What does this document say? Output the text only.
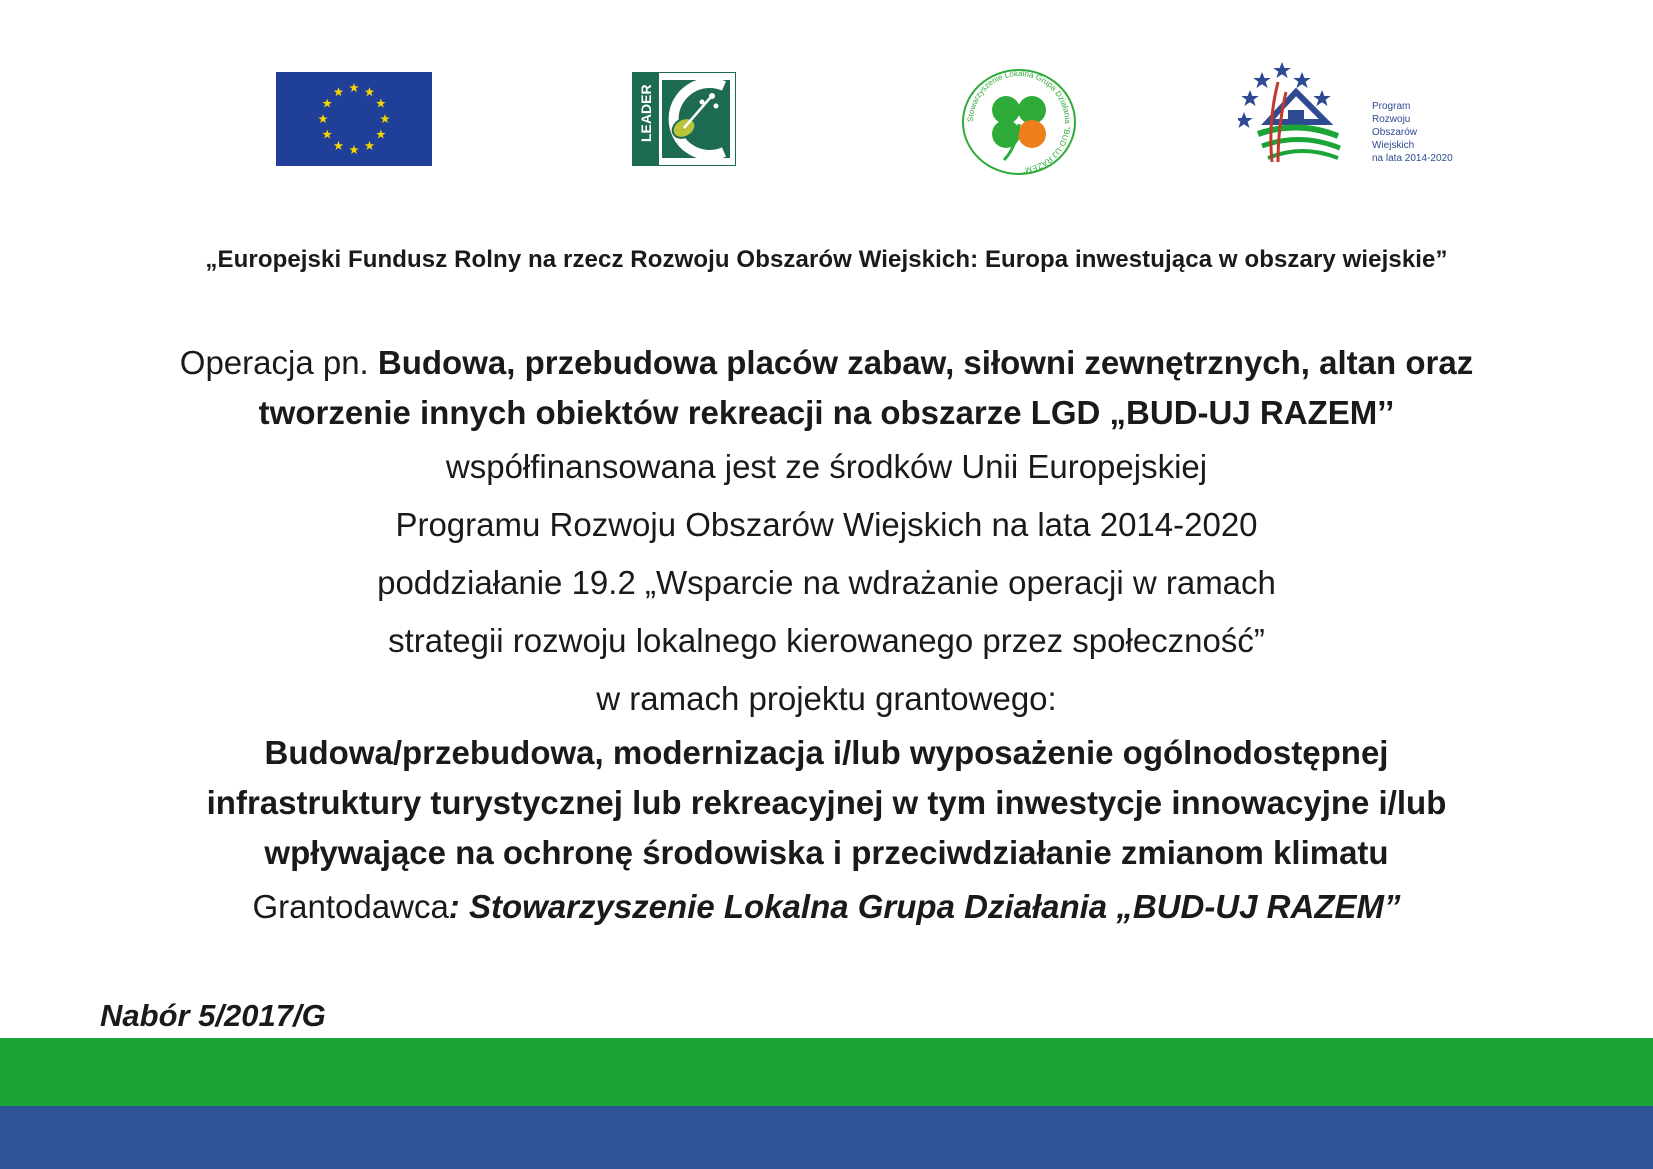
LEADER	Stowarzyszenie Lokalna Grupa Działania "BUD-UJ RAZEM"
Program
Rozwoju
Obszarów
Wiejskich
na lata 2014-2020
„Europejski Fundusz Rolny na rzecz Rozwoju Obszarów Wiejskich: Europa inwestująca w obszary wiejskie”
Operacja pn. Budowa, przebudowa placów zabaw, siłowni zewnętrznych, altan oraz
tworzenie innych obiektów rekreacji na obszarze LGD „BUD-UJ RAZEM’’
współfinansowana jest ze środków Unii Europejskiej
Programu Rozwoju Obszarów Wiejskich na lata 2014-2020
poddziałanie 19.2 „Wsparcie na wdrażanie operacji w ramach
strategii rozwoju lokalnego kierowanego przez społeczność”
w ramach projektu grantowego:
Budowa/przebudowa, modernizacja i/lub wyposażenie ogólnodostępnej
infrastruktury turystycznej lub rekreacyjnej w tym inwestycje innowacyjne i/lub
wpływające na ochronę środowiska i przeciwdziałanie zmianom klimatu
Grantodawca: Stowarzyszenie Lokalna Grupa Działania „BUD-UJ RAZEM”
Nabór 5/2017/G
